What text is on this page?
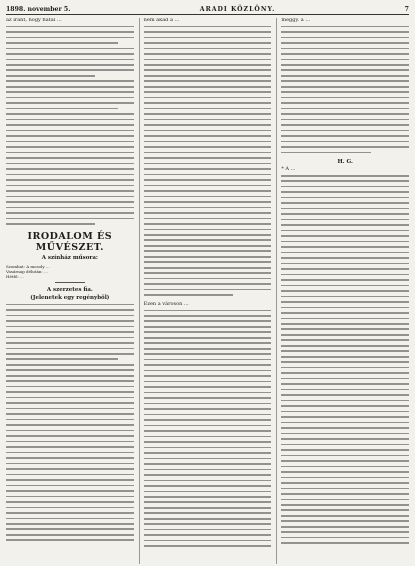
1898. november 5.	ARADI KÖZLÖNY.	7
az iránt, hogy fiatal ...
IRODALOM ÉS MŰVÉSZET.
A színház műsora:
Szombat: A mosoly ...
Vasárnap délután: ...
Hétfő: ...
A szerzetes fia.
(Jelenetek egy regényből)
nem akad a ...
Ezen a városon ...
meggy. a ...
H. G.
* A ...
